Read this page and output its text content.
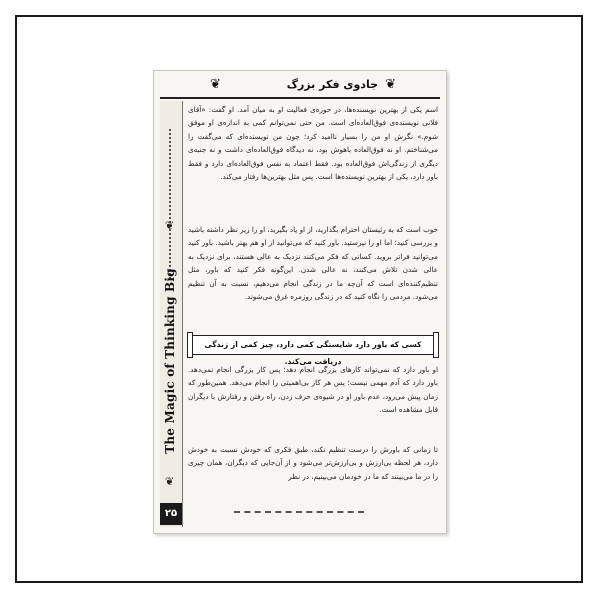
❦	جادوی فکر بزرگ ❦
❦
The Magic of Thinking Big
❦
۲۵

اسم یکی از بهترین نویسنده‌ها، در حوزه‌ی فعالیت او به میان آمد. او گفت: «آقای فلانی نویسنده‌ی فوق‌العاده‌ای است. من حتی نمی‌توانم کمی به اندازه‌ی او موفق شوم.» نگرش او من را بسیار ناامید کرد؛ چون من نویسنده‌ای که می‌گفت را می‌شناختم. او نه فوق‌العاده باهوش بود، نه دیدگاه فوق‌العاده‌ای داشت و نه جنبه‌ی دیگری از زندگی‌اش فوق‌العاده بود. فقط اعتماد به نفس فوق‌العاده‌ای دارد و فقط باور دارد، یکی از بهترین نویسنده‌ها است. پس مثل بهترین‌ها رفتار می‌کند.

خوب است که به رئیستان احترام بگذارید، از او یاد بگیرید، او را زیر نظر داشته باشید و بررسی کنید؛ اما او را نپرستید. باور کنید که می‌توانید از او هم بهتر باشید. باور کنید می‌توانید فراتر بروید. کسانی که فکر می‌کنند نزدیک به عالی هستند، برای نزدیک به عالی شدن تلاش می‌کنند، نه عالی شدن. این‌گونه فکر کنید که باور، مثل تنظیم‌کننده‌ای است که آن‌چه ما در زندگی انجام می‌دهیم، نسبت به آن تنظیم می‌شود. مردمی را نگاه کنید که در زندگی روزمره غرق می‌شوند.

کسی که باور دارد شایستگی کمی دارد، چیز کمی از زندگی دریافت می‌کند.

او باور دارد که نمی‌تواند کارهای بزرگی انجام دهد؛ پس کار بزرگی انجام نمی‌دهد. باور دارد که آدم مهمی نیست؛ پس هر کار بی‌اهمیتی را انجام می‌دهد. همین‌طور که زمان پیش می‌رود، عدم باور او در شیوه‌ی حرف زدن، راه رفتن و رفتارش با دیگران قابل مشاهده است.

تا زمانی که باورش را درست تنظیم نکند، طبق فکری که خودش نسبت به خودش دارد، هر لحظه بی‌ارزش و بی‌ارزش‌تر می‌شود و از آن‌جایی که دیگران، همان چیزی را در ما می‌بینند که ما در خودمان می‌بینیم، در نظر
